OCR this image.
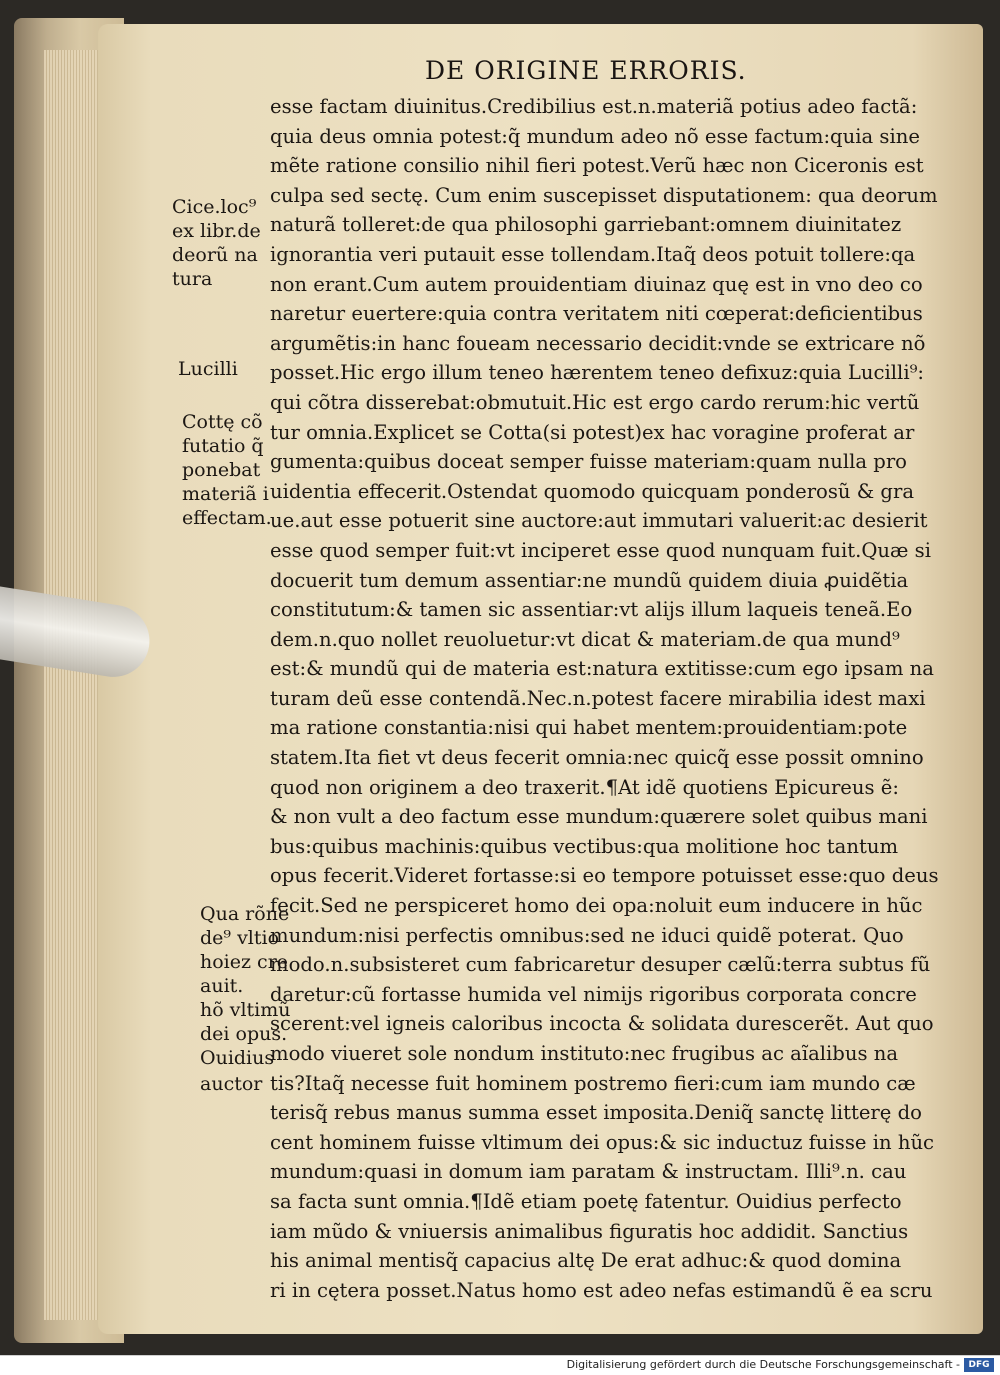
DE ORIGINE ERRORIS.

esse factam diuinitus.Credibilius est.n.materiã potius adeo factã:

quia deus omnia potest:q̃ mundum adeo nõ esse factum:quia sine

mẽte ratione consilio nihil fieri potest.Verũ hæc non Ciceronis est

culpa sed sectę. Cum enim suscepisset disputationem: qua deorum

naturã tolleret:de qua philosophi garriebant:omnem diuinitatez

ignorantia veri putauit esse tollendam.Itaq̃ deos potuit tollere:qa

non erant.Cum autem prouidentiam diuinaz quę est in vno deo co

naretur euertere:quia contra veritatem niti cœperat:deficientibus

argumẽtis:in hanc foueam necessario decidit:vnde se extricare nõ

posset.Hic ergo illum teneo hærentem teneo defixuz:quia Lucilli⁹:

qui cõtra disserebat:obmutuit.Hic est ergo cardo rerum:hic vertũ

tur omnia.Explicet se Cotta(si potest)ex hac voragine proferat ar

gumenta:quibus doceat semper fuisse materiam:quam nulla pro

uidentia effecerit.Ostendat quomodo quicquam ponderosũ & gra

ue.aut esse potuerit sine auctore:aut immutari valuerit:ac desierit

esse quod semper fuit:vt inciperet esse quod nunquam fuit.Quæ si

docuerit tum demum assentiar:ne mundũ quidem diuia ꝓuidẽtia

constitutum:& tamen sic assentiar:vt alijs illum laqueis teneã.Eo

dem.n.quo nollet reuoluetur:vt dicat & materiam.de qua mund⁹

est:& mundũ qui de materia est:natura extitisse:cum ego ipsam na

turam deũ esse contendã.Nec.n.potest facere mirabilia idest maxi

ma ratione constantia:nisi qui habet mentem:prouidentiam:pote

statem.Ita fiet vt deus fecerit omnia:nec quicq̃ esse possit omnino

quod non originem a deo traxerit.¶At idẽ quotiens Epicureus ẽ:

& non vult a deo factum esse mundum:quærere solet quibus mani

bus:quibus machinis:quibus vectibus:qua molitione hoc tantum

opus fecerit.Videret fortasse:si eo tempore potuisset esse:quo deus

fecit.Sed ne perspiceret homo dei opa:noluit eum inducere in hũc

mundum:nisi perfectis omnibus:sed ne iduci quidẽ poterat. Quo

modo.n.subsisteret cum fabricaretur desuper cælũ:terra subtus fũ

daretur:cũ fortasse humida vel nimijs rigoribus corporata concre

scerent:vel igneis caloribus incocta & solidata durescerẽt. Aut quo

modo viueret sole nondum instituto:nec frugibus ac aĩalibus na

tis?Itaq̃ necesse fuit hominem postremo fieri:cum iam mundo cæ

terisq̃ rebus manus summa esset imposita.Deniq̃ sanctę litterę do

cent hominem fuisse vltimum dei opus:& sic inductuz fuisse in hũc

mundum:quasi in domum iam paratam & instructam. Illi⁹.n. cau

sa facta sunt omnia.¶Idẽ etiam poetę fatentur. Ouidius perfecto

iam mũdo & vniuersis animalibus figuratis hoc addidit. Sanctius

his animal mentisq̃ capacius altę De erat adhuc:& quod domina

ri in cętera posset.Natus homo est adeo nefas estimandũ ẽ ea scru

Cice.loc⁹

ex libr.de

deorũ na

tura

Lucilli

Cottę cõ

futatio q̃

ponebat

materiã i

effectam.

Qua rõne

de⁹ vltio

hoiez cre

auit.

hõ vltimũ

dei opus.

Ouidius

auctor

Digitalisierung gefördert durch die Deutsche Forschungsgemeinschaft - DFG
